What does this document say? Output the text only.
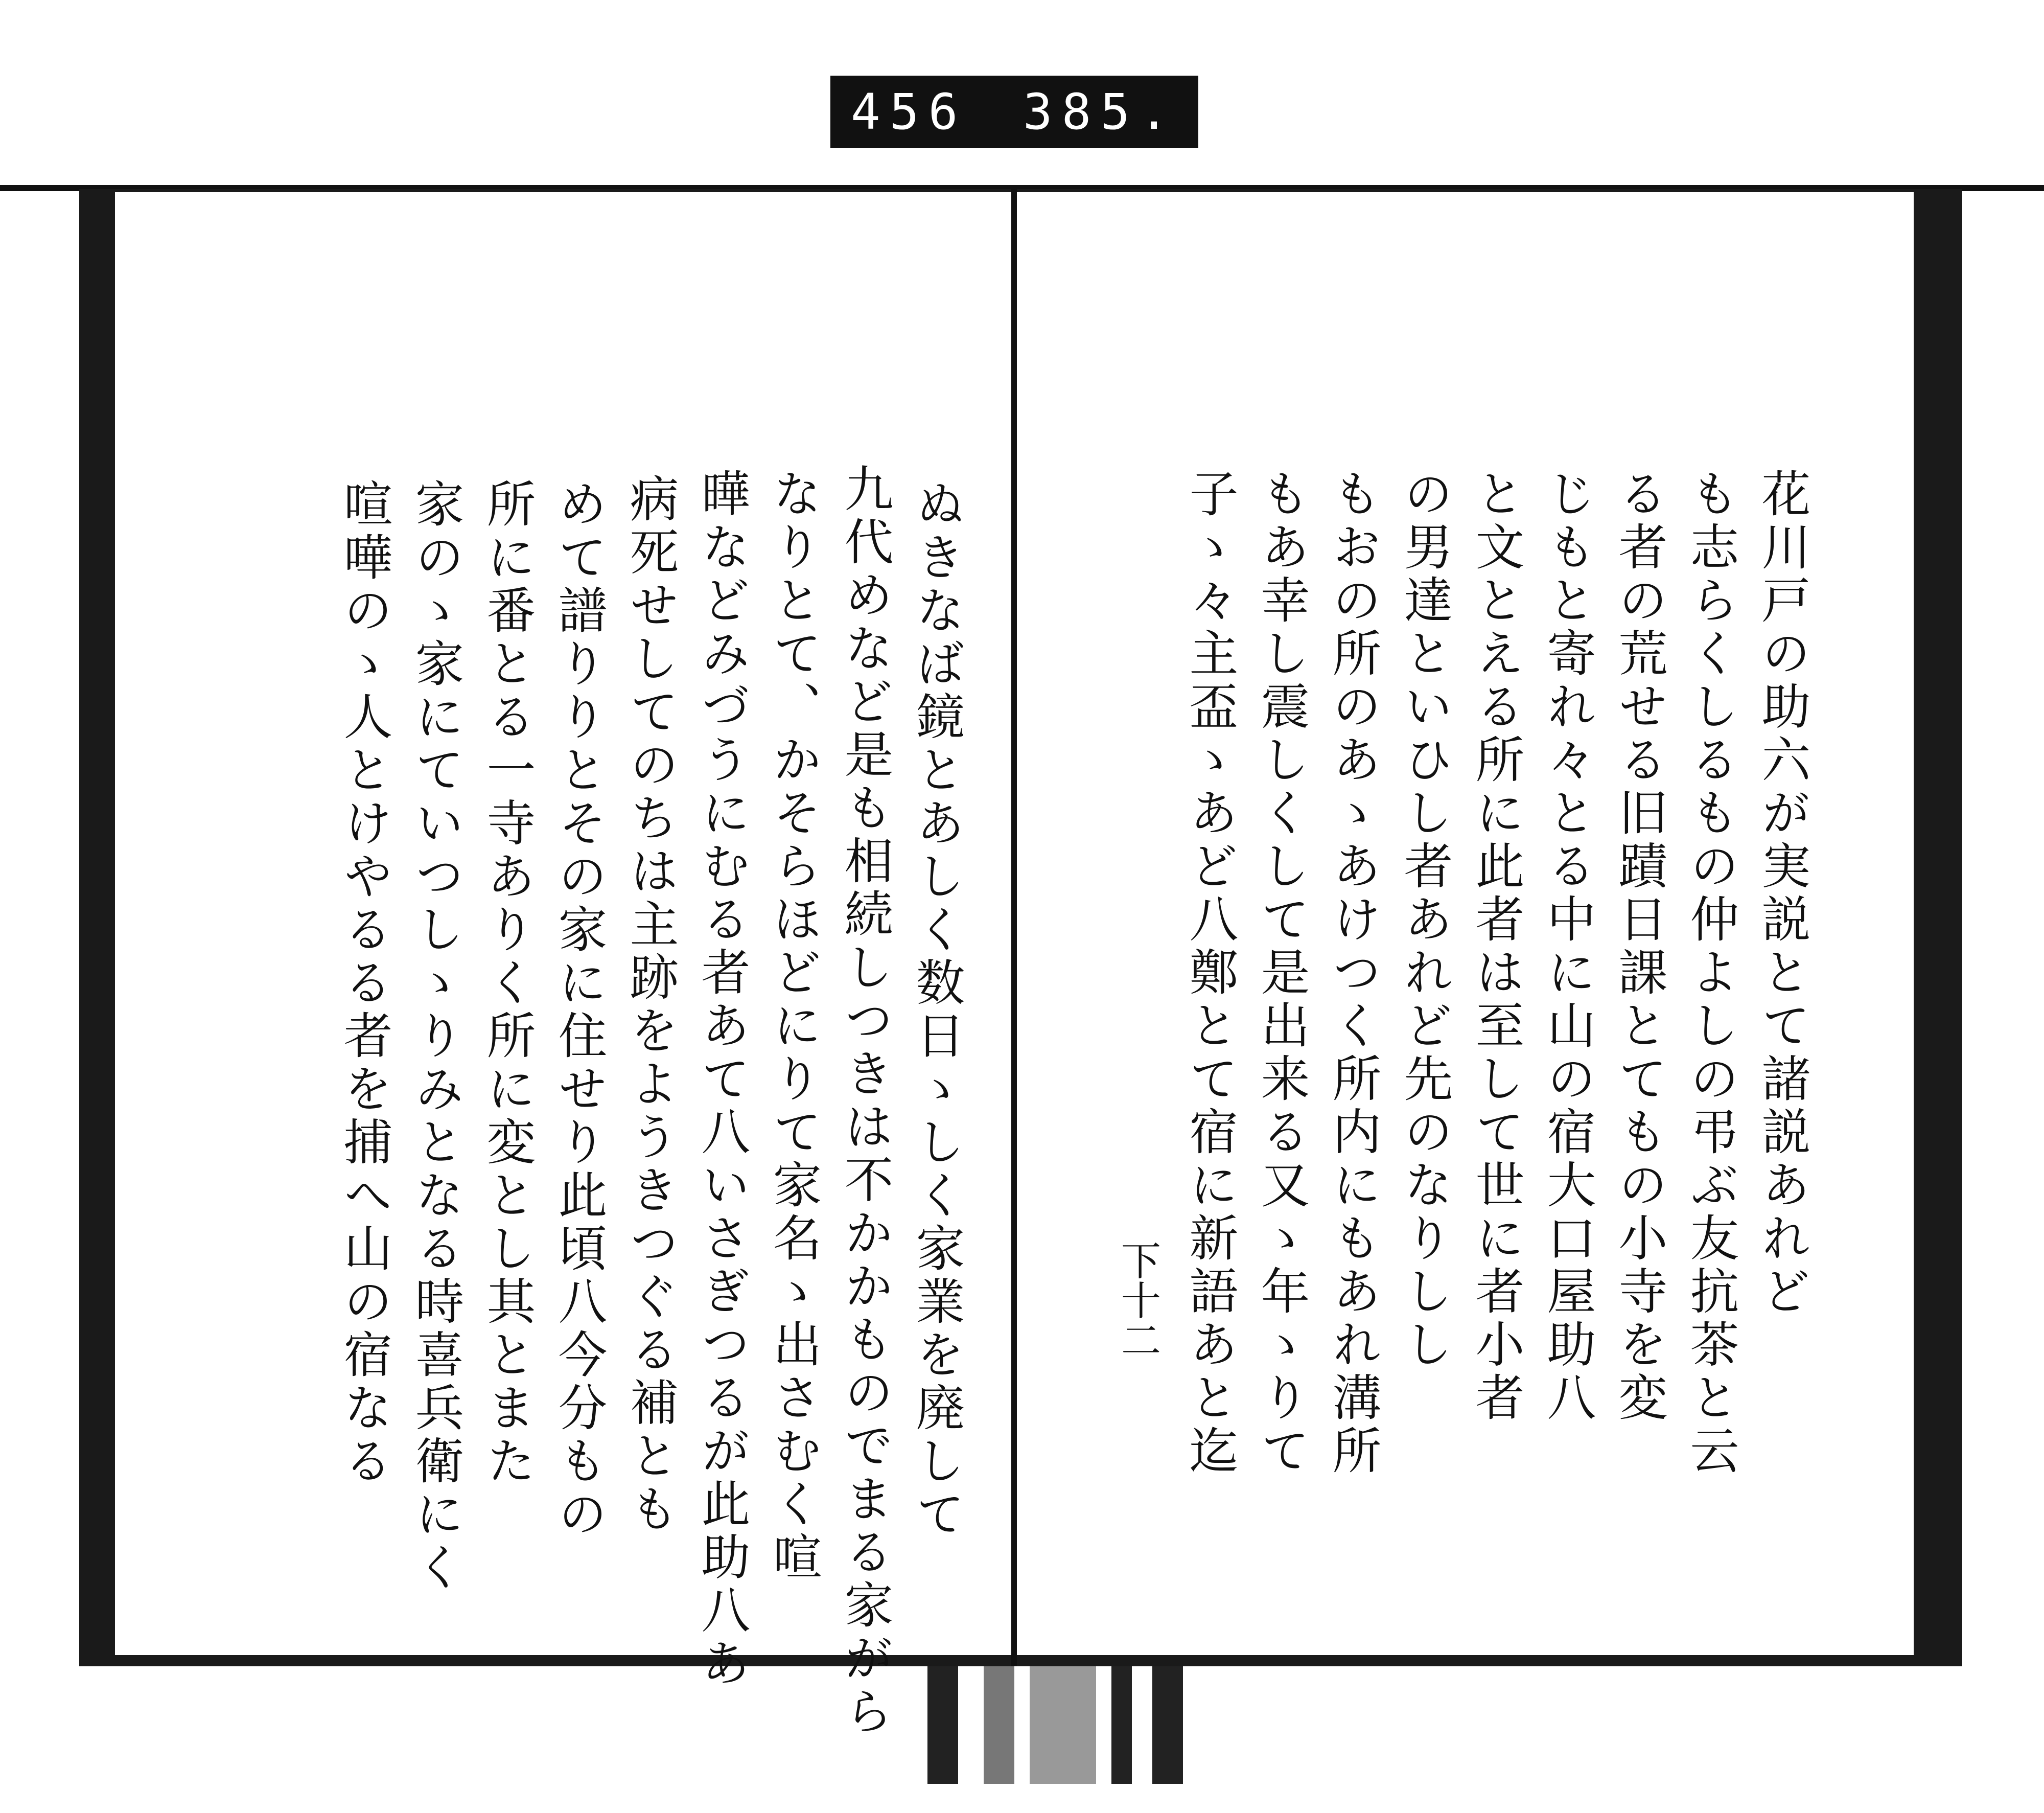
456 385.
ぬきなば鏡とあしく数日ゝしく家業を廃して
九代めなど是も相続しつきは不かかものでまる家がら
なりとて、かそらほどにりて家名ゝ出さむく喧
曄などみづうにむる者あて八いさぎつるが此助八あ
病死せしてのちは主跡をようきつぐる補とも
めて譜りりとその家に住せり此頃八今分もの
所に番とる一寺ありく所に変とし其とまた
家のゝ家にていつしゝりみとなる時喜兵衛にく
喧嘩のゝ人とけやるる者を捕へ山の宿なる	花川戸の助六が実説とて諸説あれど
も志らくしるもの仲よしの弔ぶ友抗茶と云
る者の荒せる旧蹟日課とてもの小寺を変
じもと寄れ々とる中に山の宿大口屋助八
と文とえる所に此者は至して世に者小者
の男達といひし者あれど先のなりしし
もおの所のあゝあけつく所内にもあれ溝所
もあ幸し震しくして是出来る又ゝ年ゝりて
子ゝ々主盃ゝあど八鄭とて宿に新語あと迄
下十二
